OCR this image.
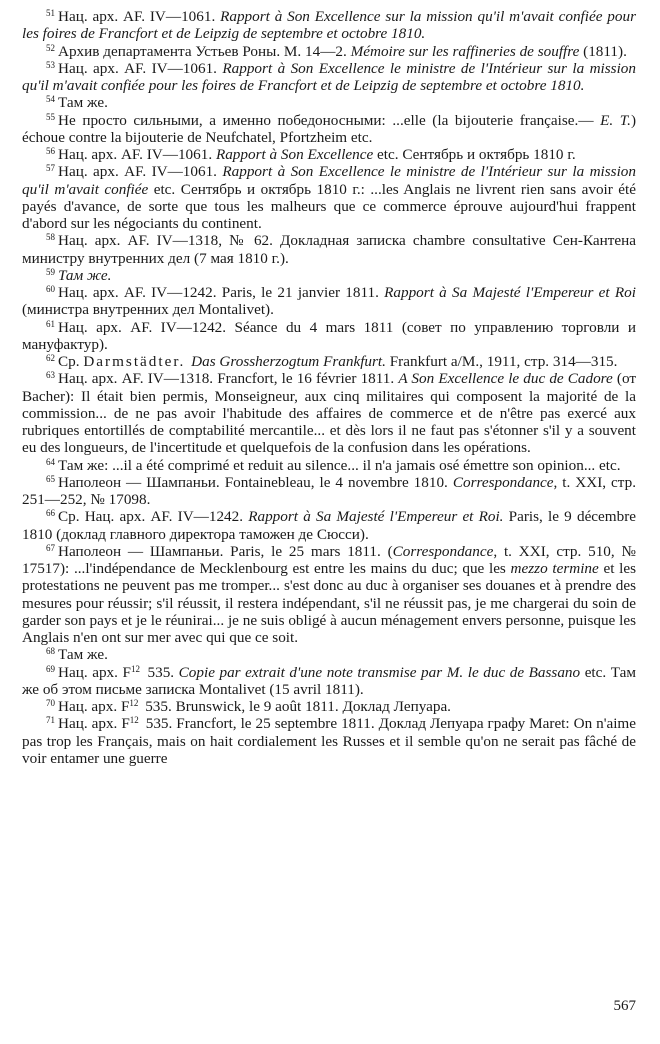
$^{51}$ Нац. арх. AF. IV—1061. Rapport à Son Excellence sur la mission qu'il m'avait confiée pour les foires de Francfort et de Leipzig de septembre et octobre 1810.

$^{52}$ Архив департамента Устьев Роны. М. 14—2. Mémoire sur les raffineries de souffre (1811).

$^{53}$ Нац. арх. AF. IV—1061. Rapport à Son Excellence le ministre de l'Intérieur sur la mission qu'il m'avait confiée pour les foires de Francfort et de Leipzig de septembre et octobre 1810.

$^{54}$ Там же.

$^{55}$ Не просто сильными, а именно победоносными: ...elle (la bijouterie française.— E. T.) échoue contre la bijouterie de Neufchatel, Pfortzheim etc.

$^{56}$ Нац. арх. AF. IV—1061. Rapport à Son Excellence etc. Сентябрь и октябрь 1810 г.

$^{57}$ Нац. арх. AF. IV—1061. Rapport à Son Excellence le ministre de l'Intérieur sur la mission qu'il m'avait confiée etc. Сентябрь и октябрь 1810 г.: ...les Anglais ne livrent rien sans avoir été payés d'avance, de sorte que tous les malheurs que ce commerce éprouve aujourd'hui frappent d'abord sur les négociants du continent.

$^{58}$ Нац. арх. AF. IV—1318, № 62. Докладная записка chambre consultative Сен-Кантена министру внутренних дел (7 мая 1810 г.).

$^{59}$ Там же.

$^{60}$ Нац. арх. AF. IV—1242. Paris, le 21 janvier 1811. Rapport à Sa Majesté l'Empereur et Roi (министра внутренних дел Montalivet).

$^{61}$ Нац. арх. AF. IV—1242. Séance du 4 mars 1811 (совет по управлению торговли и мануфактур).

$^{62}$ Ср. Darmstädter. Das Grossherzogtum Frankfurt. Frankfurt a/M., 1911, стр. 314—315.

$^{63}$ Нац. арх. AF. IV—1318. Francfort, le 16 février 1811. A Son Excellence le duc de Cadore (от Bacher): Il était bien permis, Monseigneur, aux cinq militaires qui composent la majorité de la commission... de ne pas avoir l'habitude des affaires de commerce et de n'être pas exercé aux rubriques entortillés de comptabilité mercantile... et dès lors il ne faut pas s'étonner s'il y a souvent eu des longueurs, de l'incertitude et quelquefois de la confusion dans les opérations.

$^{64}$ Там же: ...il a été comprimé et reduit au silence... il n'a jamais osé émettre son opinion... etc.

$^{65}$ Наполеон — Шампаньи. Fontainebleau, le 4 novembre 1810. Correspondance, t. XXI, стр. 251—252, № 17098.

$^{66}$ Ср. Нац. арх. AF. IV—1242. Rapport à Sa Majesté l'Empereur et Roi. Paris, le 9 décembre 1810 (доклад главного директора таможен де Сюсси).

$^{67}$ Наполеон — Шампаньи. Paris, le 25 mars 1811. (Correspondance, t. XXI, стр. 510, № 17517): ...l'indépendance de Mecklenbourg est entre les mains du duc; que les mezzo termine et les protestations ne peuvent pas me tromper... s'est donc au duc à organiser ses douanes et à prendre des mesures pour réussir; s'il réussit, il restera indépendant, s'il ne réussit pas, je me chargerai du soin de garder son pays et je le réunirai... je ne suis obligé à aucun ménagement envers personne, puisque les Anglais n'en ont sur mer avec qui que ce soit.

$^{68}$ Там же.

$^{69}$ Нац. арх. $F^{12}$ 535. Copie par extrait d'une note transmise par M. le duc de Bassano etc. Там же об этом письме записка Montalivet (15 avril 1811).

$^{70}$ Нац. арх. $F^{12}$ 535. Brunswick, le 9 août 1811. Доклад Лепуара.

$^{71}$ Нац. арх. $F^{12}$ 535. Francfort, le 25 septembre 1811. Доклад Лепуара графу Maret: On n'aime pas trop les Français, mais on hait cordialement les Russes et il semble qu'on ne serait pas fâché de voir entamer une guerre

567
